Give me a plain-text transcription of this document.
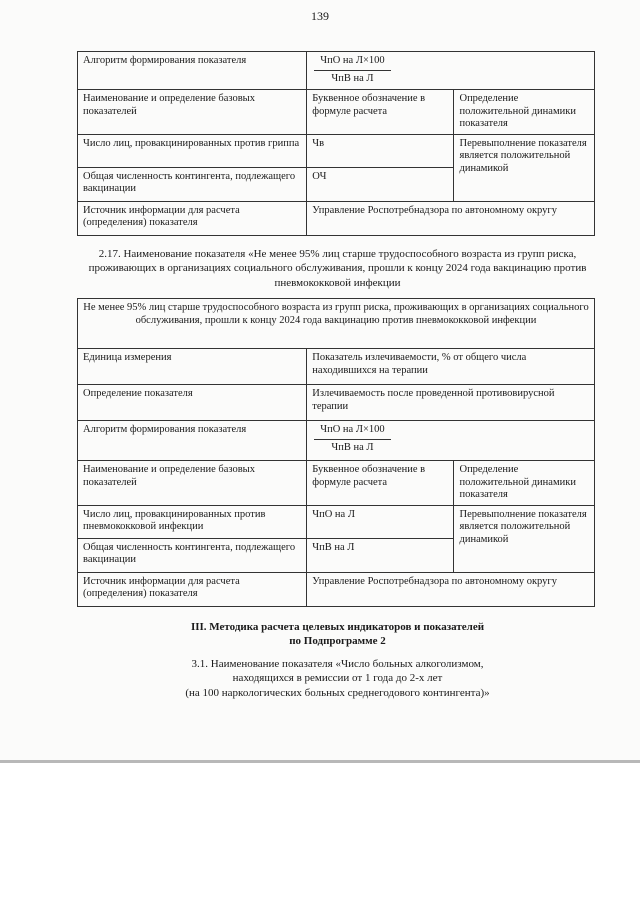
139
Алгоритм формирования показателя	$\frac{\text{ЧпО на Л×100}}{\text{ЧпВ на Л}}$

Наименование и определение базовых показателей	Буквенное обозначение в формуле расчета	Определение положительной динамики показателя
Число лиц, провакцинированных против гриппа	Чв	Перевыполнение показателя является положительной динамикой
Общая численность контингента, подлежащего вакцинации	ОЧ	
Источник информации для расчета (определения) показателя	Управление Роспотребнадзора по автономному округу	
2.17. Наименование показателя «Не менее 95% лиц старше трудоспособного возраста из групп риска, проживающих в организациях социального обслуживания, прошли к концу 2024 года вакцинацию против пневмококковой инфекции
Не менее 95% лиц старше трудоспособного возраста из групп риска, проживающих в организациях социального обслуживания, прошли к концу 2024 года вакцинацию против пневмококковой инфекции		
Единица измерения	Показатель излечиваемости, % от общего числа находившихся на терапии	
Определение показателя	Излечиваемость после проведенной противовирусной терапии	
Алгоритм формирования показателя	$\frac{\text{ЧпО на Л×100}}{\text{ЧпВ на Л}}$

Наименование и определение базовых показателей	Буквенное обозначение в формуле расчета	Определение положительной динамики показателя
Число лиц, провакцинированных против пневмококковой инфекции	ЧпО на Л	Перевыполнение показателя является положительной динамикой
Общая численность контингента, подлежащего вакцинации	ЧпВ на Л	
Источник информации для расчета (определения) показателя	Управление Роспотребнадзора по автономному округу	
III. Методика расчета целевых индикаторов и показателей
по Подпрограмме 2
3.1. Наименование показателя «Число больных алкоголизмом,
находящихся в ремиссии от 1 года до 2-х лет
(на 100 наркологических больных среднегодового контингента)»
